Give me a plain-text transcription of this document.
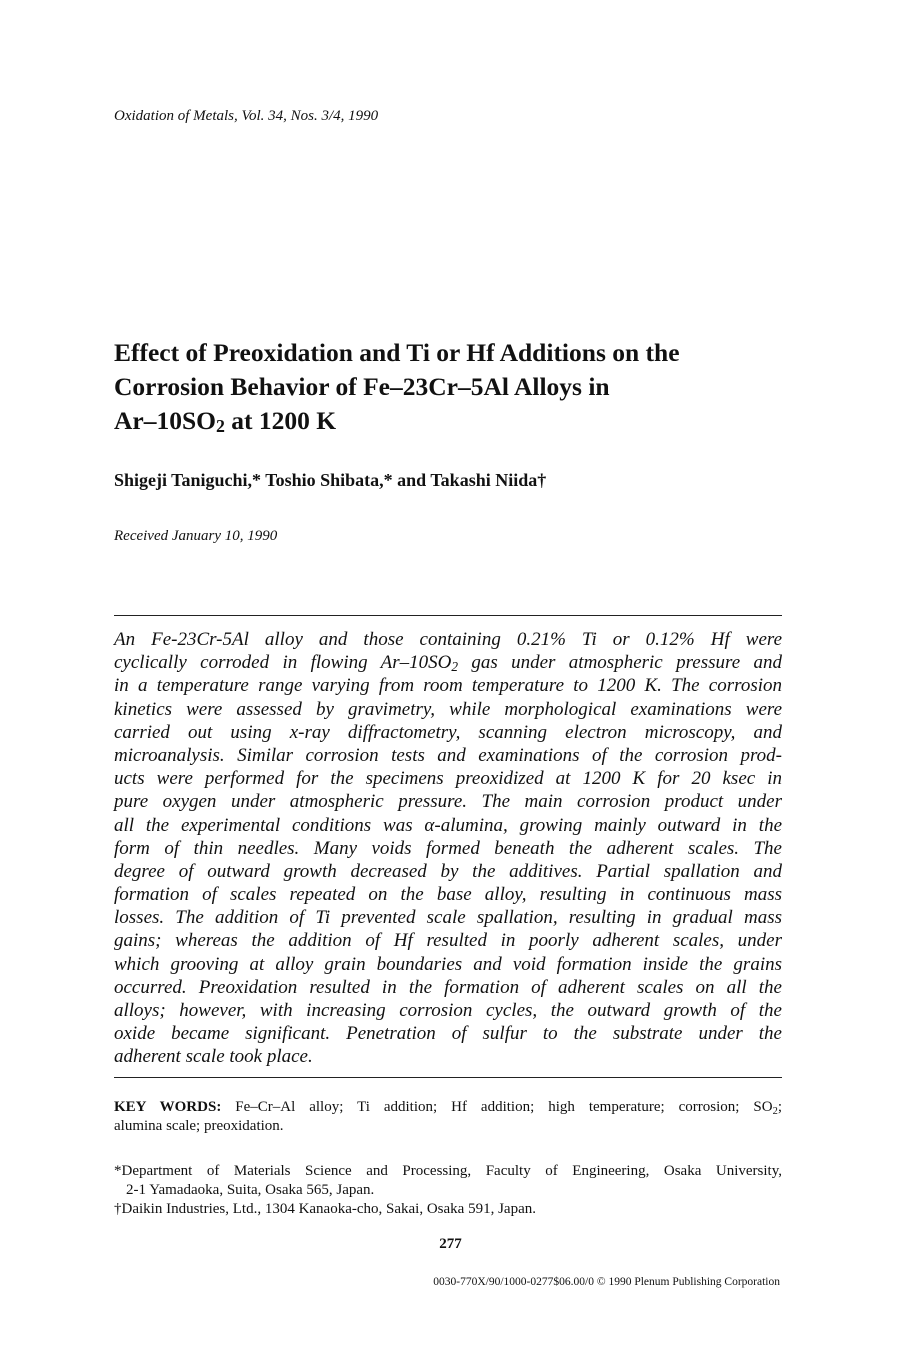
Oxidation of Metals, Vol. 34, Nos. 3/4, 1990
Effect of Preoxidation and Ti or Hf Additions on the
Corrosion Behavior of Fe–23Cr–5Al Alloys in
$Ar-10SO_2$ at 1200 K
Shigeji Taniguchi,* Toshio Shibata,* and Takashi Niida†
Received January 10, 1990
An Fe-23Cr-5Al alloy and those containing 0.21% Ti or 0.12% Hf were
cyclically corroded in flowing $Ar-10SO_2$ gas under atmospheric pressure and
in a temperature range varying from room temperature to 1200 K. The corrosion
kinetics were assessed by gravimetry, while morphological examinations were
carried out using x-ray diffractometry, scanning electron microscopy, and
microanalysis. Similar corrosion tests and examinations of the corrosion prod-
ucts were performed for the specimens preoxidized at 1200 K for 20 ksec in
pure oxygen under atmospheric pressure. The main corrosion product under
all the experimental conditions was α-alumina, growing mainly outward in the
form of thin needles. Many voids formed beneath the adherent scales. The
degree of outward growth decreased by the additives. Partial spallation and
formation of scales repeated on the base alloy, resulting in continuous mass
losses. The addition of Ti prevented scale spallation, resulting in gradual mass
gains; whereas the addition of Hf resulted in poorly adherent scales, under
which grooving at alloy grain boundaries and void formation inside the grains
occurred. Preoxidation resulted in the formation of adherent scales on all the
alloys; however, with increasing corrosion cycles, the outward growth of the
oxide became significant. Penetration of sulfur to the substrate under the
adherent scale took place.
KEY WORDS: Fe–Cr–Al alloy; Ti addition; Hf addition; high temperature; corrosion; $SO_2$;
alumina scale; preoxidation.
*Department of Materials Science and Processing, Faculty of Engineering, Osaka University,
2-1 Yamadaoka, Suita, Osaka 565, Japan.
†Daikin Industries, Ltd., 1304 Kanaoka-cho, Sakai, Osaka 591, Japan.
277
0030-770X/90/1000-0277$06.00/0 © 1990 Plenum Publishing Corporation
